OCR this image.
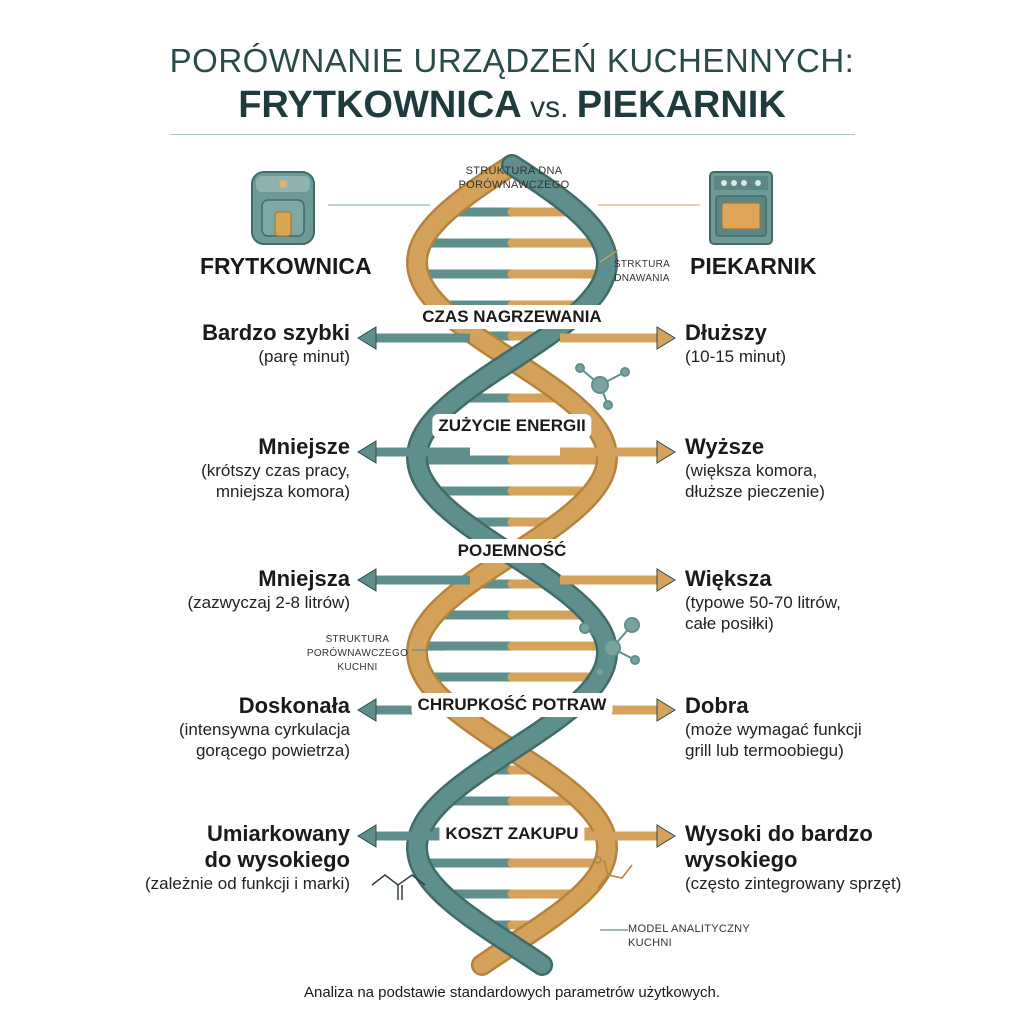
PORÓWNANIE URZĄDZEŃ KUCHENNYCH:
FRYTKOWNICA vs. PIEKARNIK
FRYTKOWNICA	PIEKARNIK
STRUKTURA DNA
PORÓWNAWCZEGO
STRKTURA
DNAWANIA
STRUKTURA
PORÓWNAWCZEGO
KUCHNI
MODEL ANALITYCZNY
KUCHNI
CZAS NAGRZEWANIA
Bardzo szybki
(parę minut)
Dłuższy
(10-15 minut)
ZUŻYCIE ENERGII
Mniejsze
(krótszy czas pracy,
mniejsza komora)
Wyższe
(większa komora,
dłuższe pieczenie)
POJEMNOŚĆ
Mniejsza
(zazwyczaj 2-8 litrów)
Większa
(typowe 50-70 litrów,
całe posiłki)
CHRUPKOŚĆ POTRAW
Doskonała
(intensywna cyrkulacja
gorącego powietrza)
Dobra
(może wymagać funkcji
grill lub termoobiegu)
KOSZT ZAKUPU
Umiarkowany
do wysokiego
(zależnie od funkcji i marki)
Wysoki do bardzo
wysokiego
(często zintegrowany sprzęt)
Analiza na podstawie standardowych parametrów użytkowych.
